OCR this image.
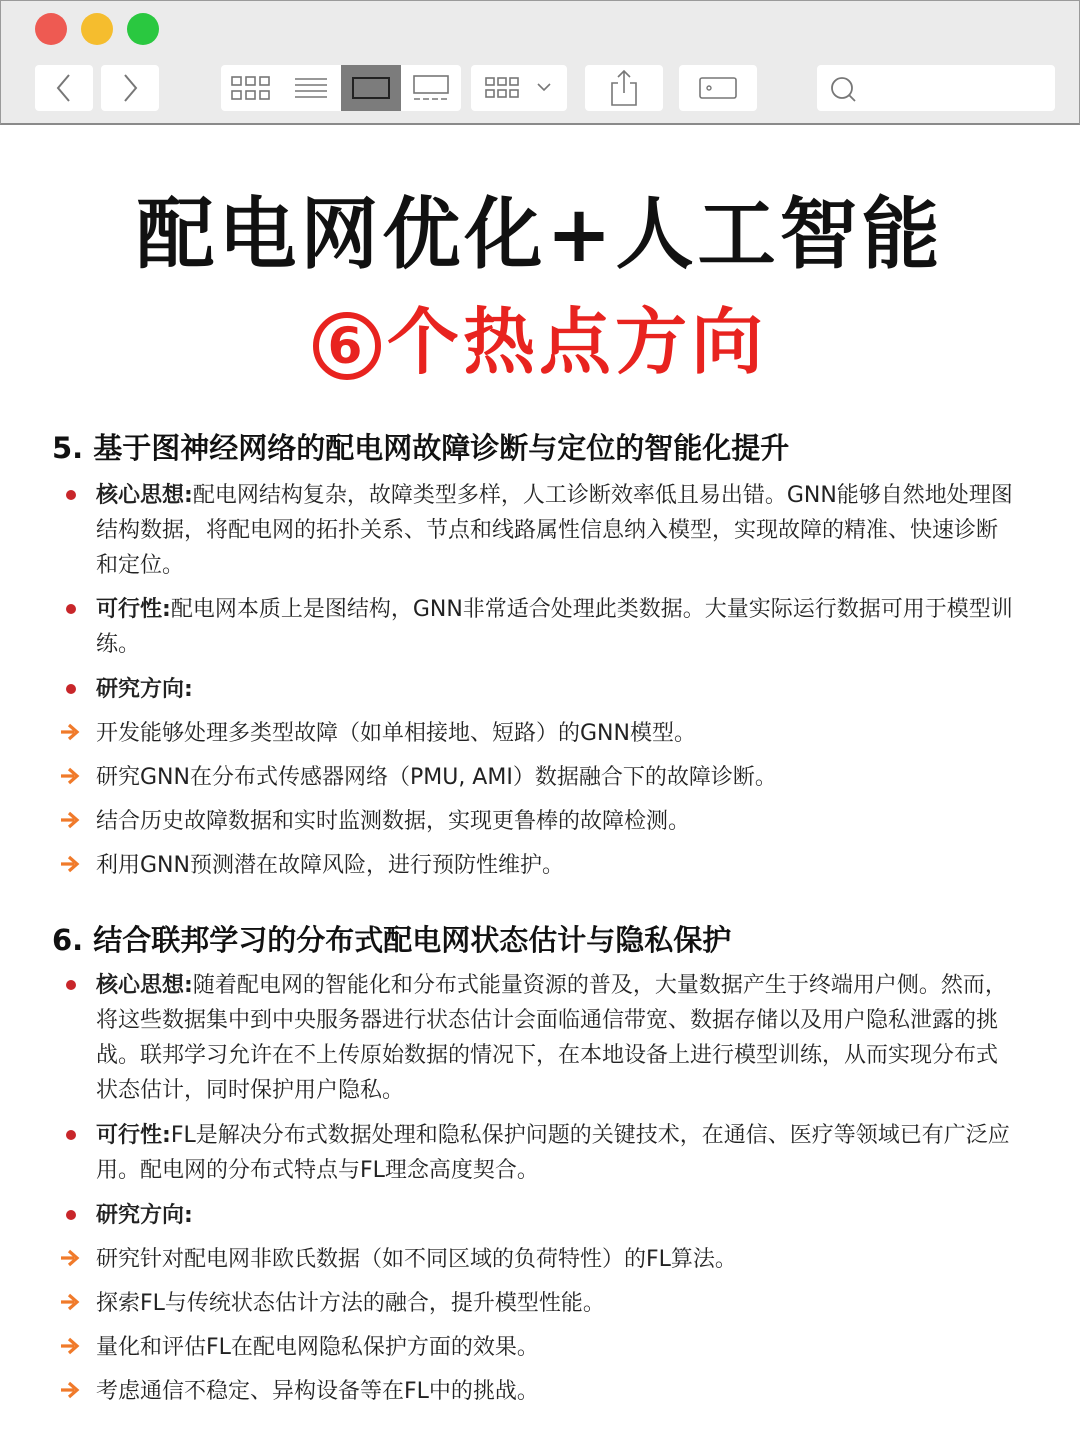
配电网优化+人工智能
6 个热点方向
5. 基于图神经网络的配电网故障诊断与定位的智能化提升
核心思想:配电网结构复杂，故障类型多样，人工诊断效率低且易出错。GNN能够自然地处理图结构数据，将配电网的拓扑关系、节点和线路属性信息纳入模型，实现故障的精准、快速诊断和定位。
可行性:配电网本质上是图结构，GNN非常适合处理此类数据。大量实际运行数据可用于模型训练。
研究方向:
开发能够处理多类型故障（如单相接地、短路）的GNN模型。
研究GNN在分布式传感器网络（PMU, AMI）数据融合下的故障诊断。
结合历史故障数据和实时监测数据，实现更鲁棒的故障检测。
利用GNN预测潜在故障风险，进行预防性维护。
6. 结合联邦学习的分布式配电网状态估计与隐私保护
核心思想:随着配电网的智能化和分布式能量资源的普及，大量数据产生于终端用户侧。然而，将这些数据集中到中央服务器进行状态估计会面临通信带宽、数据存储以及用户隐私泄露的挑战。联邦学习允许在不上传原始数据的情况下，在本地设备上进行模型训练，从而实现分布式状态估计，同时保护用户隐私。
可行性:FL是解决分布式数据处理和隐私保护问题的关键技术，在通信、医疗等领域已有广泛应用。配电网的分布式特点与FL理念高度契合。
研究方向:
研究针对配电网非欧氏数据（如不同区域的负荷特性）的FL算法。
探索FL与传统状态估计方法的融合，提升模型性能。
量化和评估FL在配电网隐私保护方面的效果。
考虑通信不稳定、异构设备等在FL中的挑战。
